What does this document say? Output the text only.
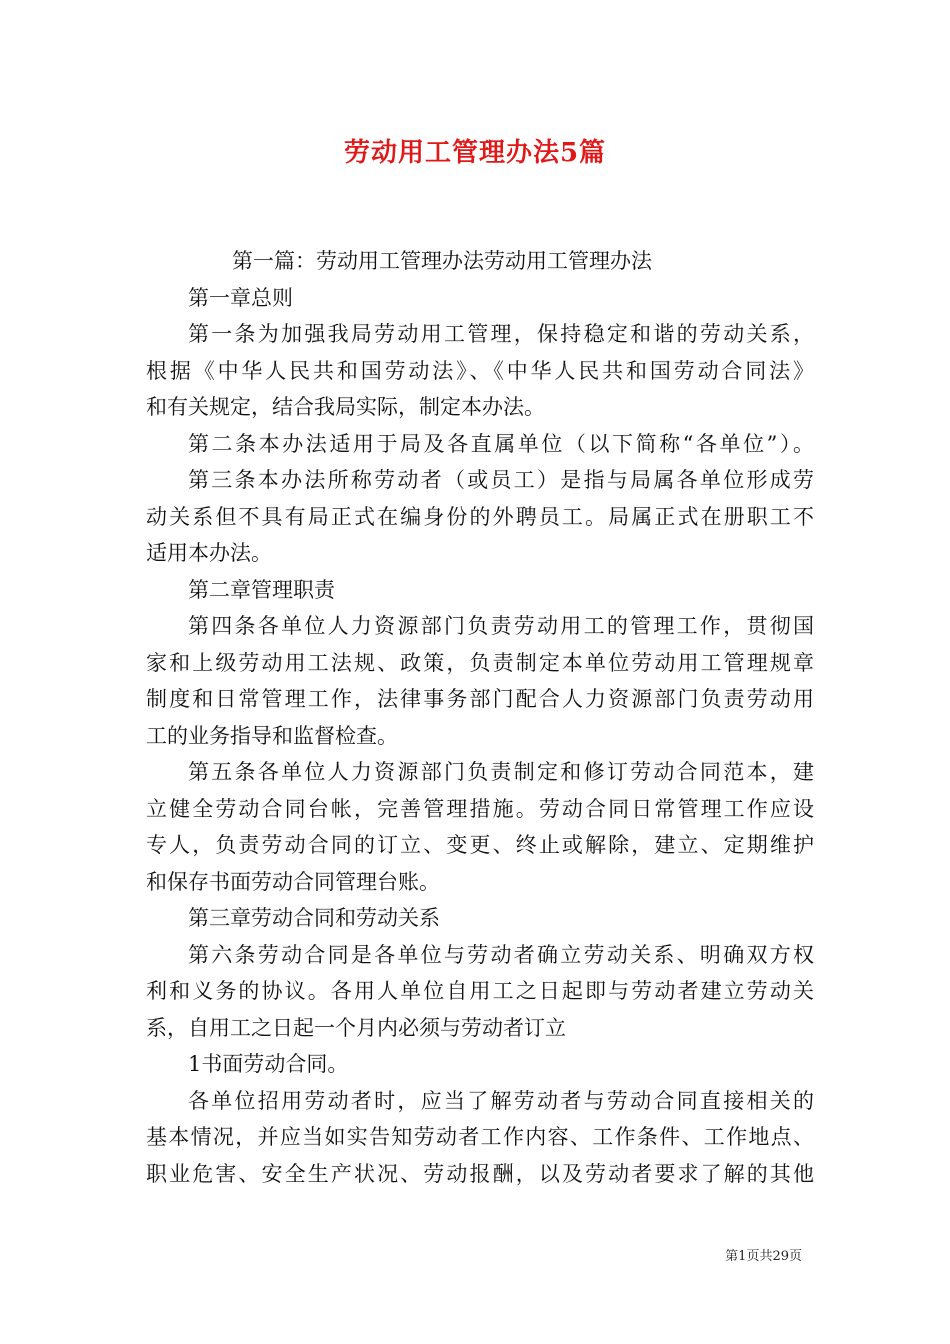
劳动用工管理办法5篇
第一篇：劳动用工管理办法劳动用工管理办法
第一章总则
第一条为加强我局劳动用工管理，保持稳定和谐的劳动关系，
根据《中华人民共和国劳动法》、《中华人民共和国劳动合同法》
和有关规定，结合我局实际，制定本办法。
第二条本办法适用于局及各直属单位（以下简称“各单位”）。
第三条本办法所称劳动者（或员工）是指与局属各单位形成劳
动关系但不具有局正式在编身份的外聘员工。局属正式在册职工不
适用本办法。
第二章管理职责
第四条各单位人力资源部门负责劳动用工的管理工作，贯彻国
家和上级劳动用工法规、政策，负责制定本单位劳动用工管理规章
制度和日常管理工作，法律事务部门配合人力资源部门负责劳动用
工的业务指导和监督检查。
第五条各单位人力资源部门负责制定和修订劳动合同范本，建
立健全劳动合同台帐，完善管理措施。劳动合同日常管理工作应设
专人，负责劳动合同的订立、变更、终止或解除，建立、定期维护
和保存书面劳动合同管理台账。
第三章劳动合同和劳动关系
第六条劳动合同是各单位与劳动者确立劳动关系、明确双方权
利和义务的协议。各用人单位自用工之日起即与劳动者建立劳动关
系，自用工之日起一个月内必须与劳动者订立
1书面劳动合同。
各单位招用劳动者时，应当了解劳动者与劳动合同直接相关的
基本情况，并应当如实告知劳动者工作内容、工作条件、工作地点、
职业危害、安全生产状况、劳动报酬，以及劳动者要求了解的其他
第1页共29页
